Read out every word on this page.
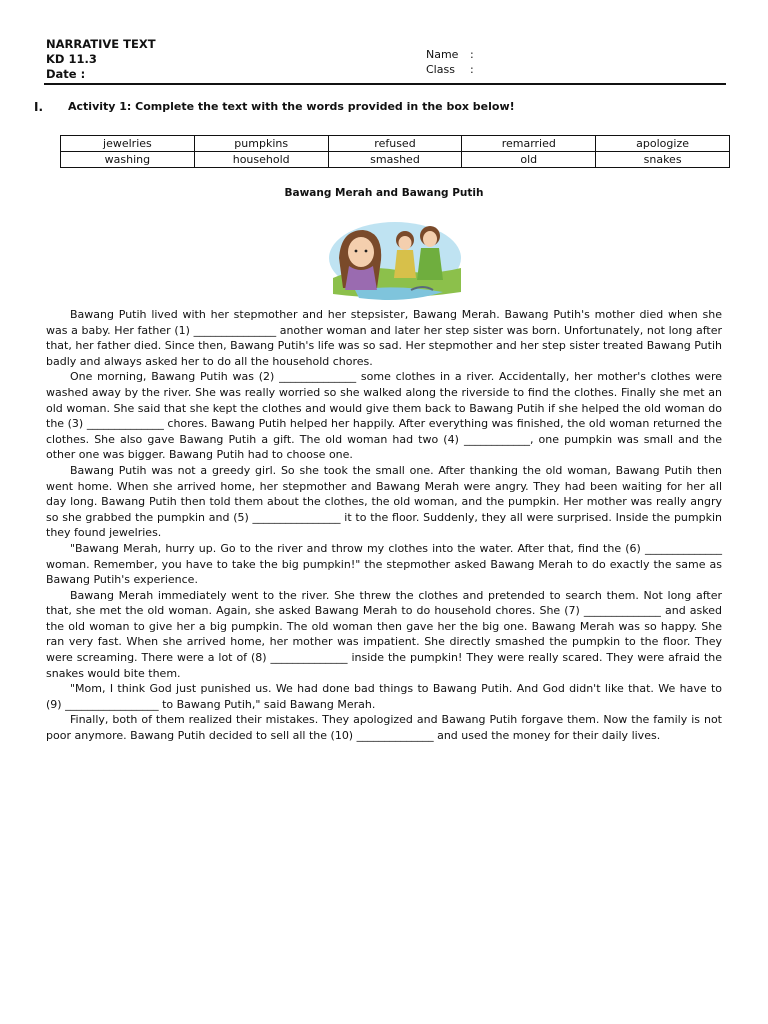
NARRATIVE TEXT
KD 11.3
Date :
Name	:
Class	:
I.	Activity 1: Complete the text with the words provided in the box below!
jewelries	pumpkins	refused	remarried	apologize
washing	household	smashed	old	snakes
Bawang Merah and Bawang Putih

Bawang Putih lived with her stepmother and her stepsister, Bawang Merah. Bawang Putih's mother died when she was a baby. Her father (1) _______________ another woman and later her step sister was born. Unfortunately, not long after that, her father died. Since then, Bawang Putih's life was so sad. Her stepmother and her step sister treated Bawang Putih badly and always asked her to do all the household chores.

One morning, Bawang Putih was (2) ______________ some clothes in a river. Accidentally, her mother's clothes were washed away by the river. She was really worried so she walked along the riverside to find the clothes. Finally she met an old woman. She said that she kept the clothes and would give them back to Bawang Putih if she helped the old woman do the (3) ______________ chores. Bawang Putih helped her happily. After everything was finished, the old woman returned the clothes. She also gave Bawang Putih a gift. The old woman had two (4) ____________, one pumpkin was small and the other one was bigger. Bawang Putih had to choose one.

Bawang Putih was not a greedy girl. So she took the small one. After thanking the old woman, Bawang Putih then went home. When she arrived home, her stepmother and Bawang Merah were angry. They had been waiting for her all day long. Bawang Putih then told them about the clothes, the old woman, and the pumpkin. Her mother was really angry so she grabbed the pumpkin and (5) ________________ it to the floor. Suddenly, they all were surprised. Inside the pumpkin they found jewelries.

"Bawang Merah, hurry up. Go to the river and throw my clothes into the water. After that, find the (6) ______________ woman. Remember, you have to take the big pumpkin!" the stepmother asked Bawang Merah to do exactly the same as Bawang Putih's experience.

Bawang Merah immediately went to the river. She threw the clothes and pretended to search them. Not long after that, she met the old woman. Again, she asked Bawang Merah to do household chores. She (7) ______________ and asked the old woman to give her a big pumpkin. The old woman then gave her the big one. Bawang Merah was so happy. She ran very fast. When she arrived home, her mother was impatient. She directly smashed the pumpkin to the floor. They were screaming. There were a lot of (8) ______________ inside the pumpkin! They were really scared. They were afraid the snakes would bite them.

"Mom, I think God just punished us. We had done bad things to Bawang Putih. And God didn't like that. We have to (9) _________________ to Bawang Putih," said Bawang Merah.

Finally, both of them realized their mistakes. They apologized and Bawang Putih forgave them. Now the family is not poor anymore. Bawang Putih decided to sell all the (10) ______________ and used the money for their daily lives.
